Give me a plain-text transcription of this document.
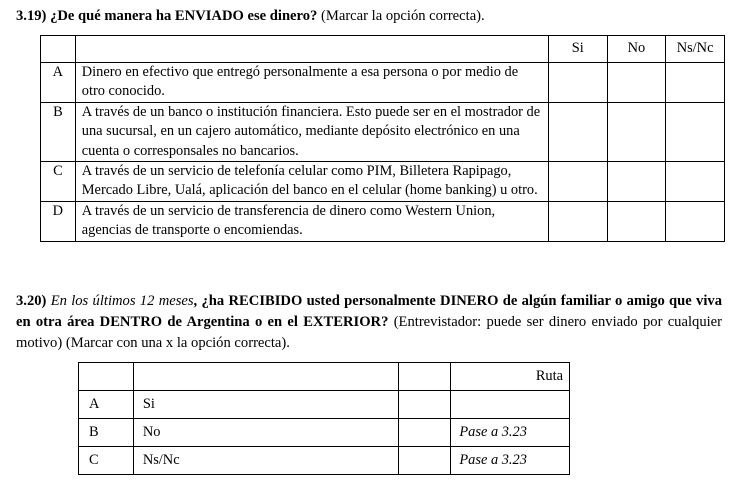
3.19) ¿De qué manera ha ENVIADO ese dinero? (Marcar la opción correcta).
		Si	No	Ns/Nc
A	Dinero en efectivo que entregó personalmente a esa persona o por medio de otro conocido.			
B	A través de un banco o institución financiera. Esto puede ser en el mostrador de una sucursal, en un cajero automático, mediante depósito electrónico en una cuenta o corresponsales no bancarios.			
C	A través de un servicio de telefonía celular como PIM, Billetera Rapipago, Mercado Libre, Ualá, aplicación del banco en el celular (home banking) u otro.			
D	A través de un servicio de transferencia de dinero como Western Union, agencias de transporte o encomiendas.			
3.20) En los últimos 12 meses, ¿ha RECIBIDO usted personalmente DINERO de algún familiar o amigo que viva en otra área DENTRO de Argentina o en el EXTERIOR? (Entrevistador: puede ser dinero enviado por cualquier motivo) (Marcar con una x la opción correcta).
			Ruta
A	Si		
B	No		Pase a 3.23
C	Ns/Nc		Pase a 3.23
